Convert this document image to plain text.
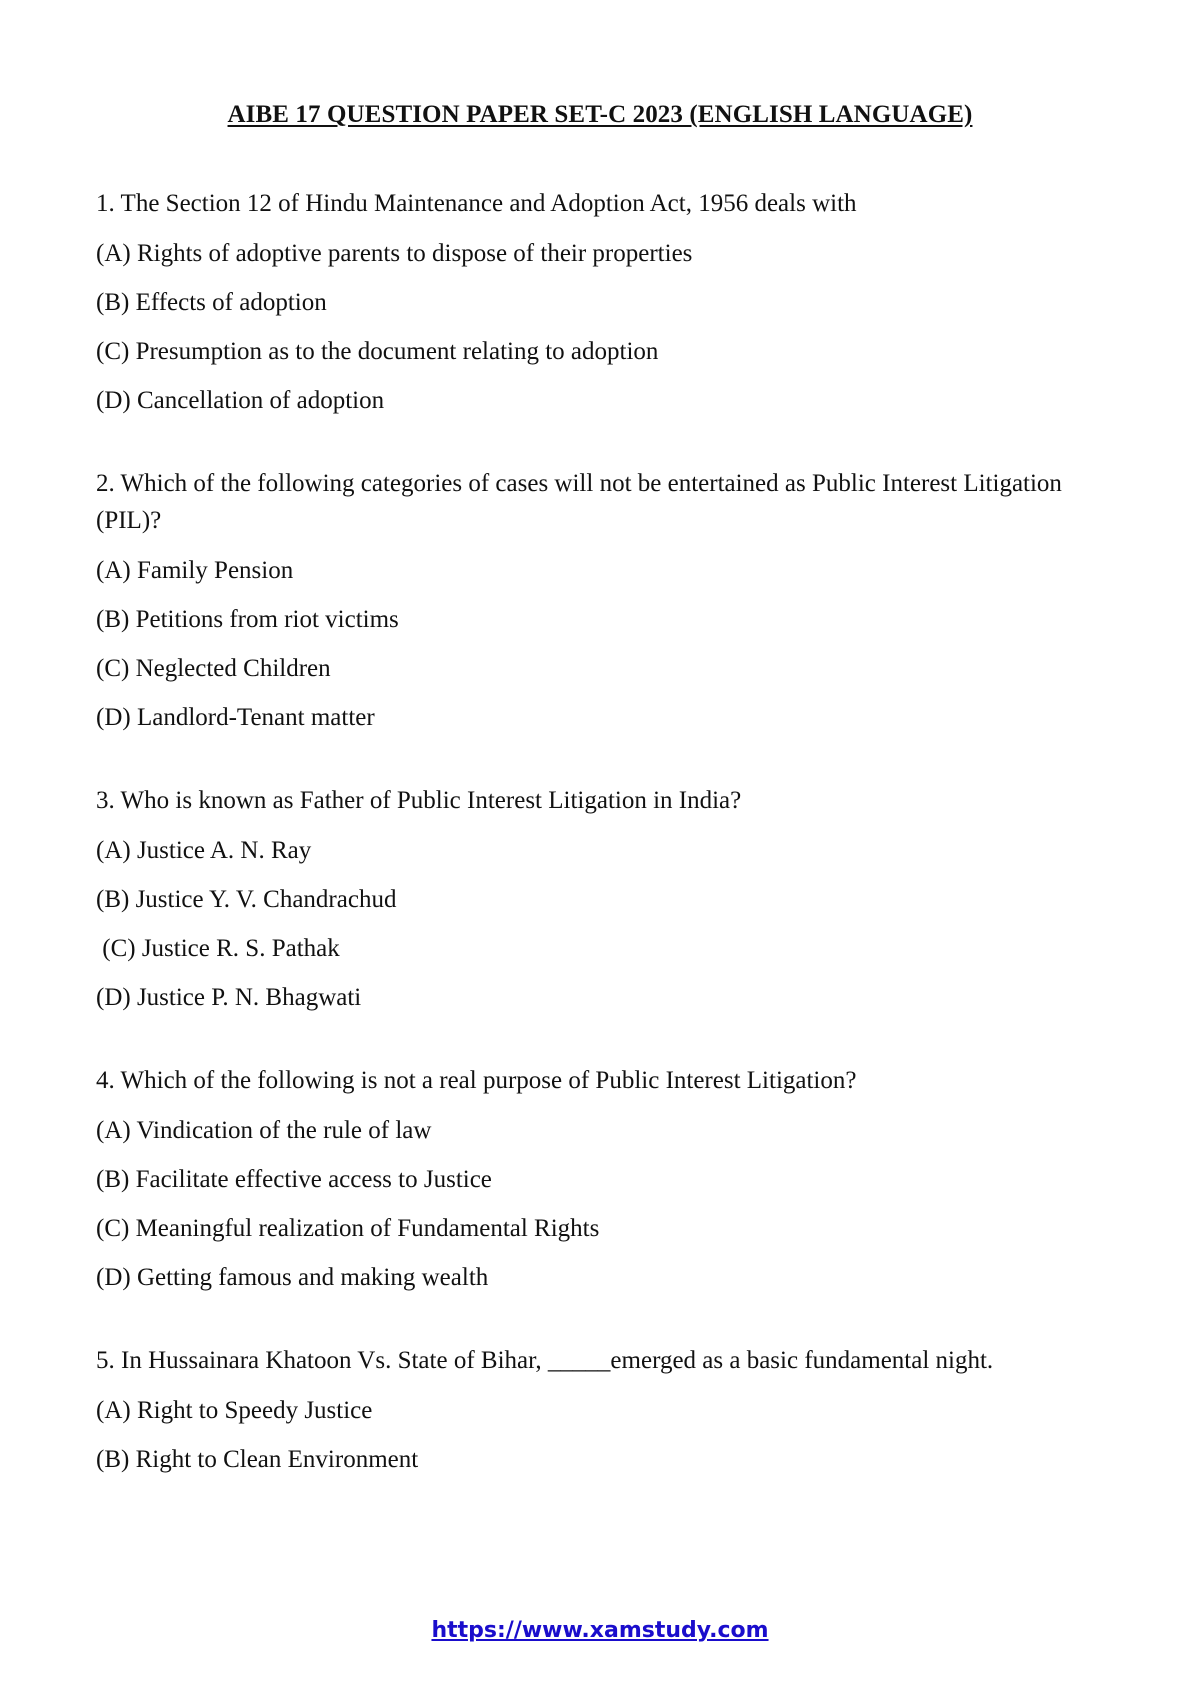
AIBE 17 QUESTION PAPER SET-C 2023 (ENGLISH LANGUAGE)
1. The Section 12 of Hindu Maintenance and Adoption Act, 1956 deals with
(A) Rights of adoptive parents to dispose of their properties
(B) Effects of adoption
(C) Presumption as to the document relating to adoption
(D) Cancellation of adoption
2. Which of the following categories of cases will not be entertained as Public Interest Litigation (PIL)?
(A) Family Pension
(B) Petitions from riot victims
(C) Neglected Children
(D) Landlord-Tenant matter
3. Who is known as Father of Public Interest Litigation in India?
(A) Justice A. N. Ray
(B) Justice Y. V. Chandrachud
(C) Justice R. S. Pathak
(D) Justice P. N. Bhagwati
4. Which of the following is not a real purpose of Public Interest Litigation?
(A) Vindication of the rule of law
(B) Facilitate effective access to Justice
(C) Meaningful realization of Fundamental Rights
(D) Getting famous and making wealth
5. In Hussainara Khatoon Vs. State of Bihar, _____emerged as a basic fundamental night.
(A) Right to Speedy Justice
(B) Right to Clean Environment
https://www.xamstudy.com
